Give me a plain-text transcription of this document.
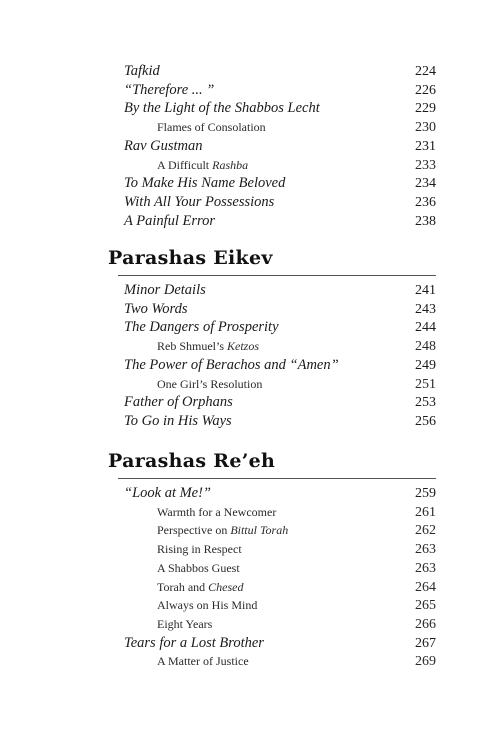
Tafkid	224
“Therefore ... ”	226
By the Light of the Shabbos Lecht	229
Flames of Consolation	230
Rav Gustman	231
A Difficult Rashba	233
To Make His Name Beloved	234
With All Your Possessions	236
A Painful Error	238
Parashas Eikev
Minor Details	241
Two Words	243
The Dangers of Prosperity	244
Reb Shmuel’s Ketzos	248
The Power of Berachos and “Amen”	249
One Girl’s Resolution	251
Father of Orphans	253
To Go in His Ways	256
Parashas Re’eh
“Look at Me!”	259
Warmth for a Newcomer	261
Perspective on Bittul Torah	262
Rising in Respect	263
A Shabbos Guest	263
Torah and Chesed	264
Always on His Mind	265
Eight Years	266
Tears for a Lost Brother	267
A Matter of Justice	269
